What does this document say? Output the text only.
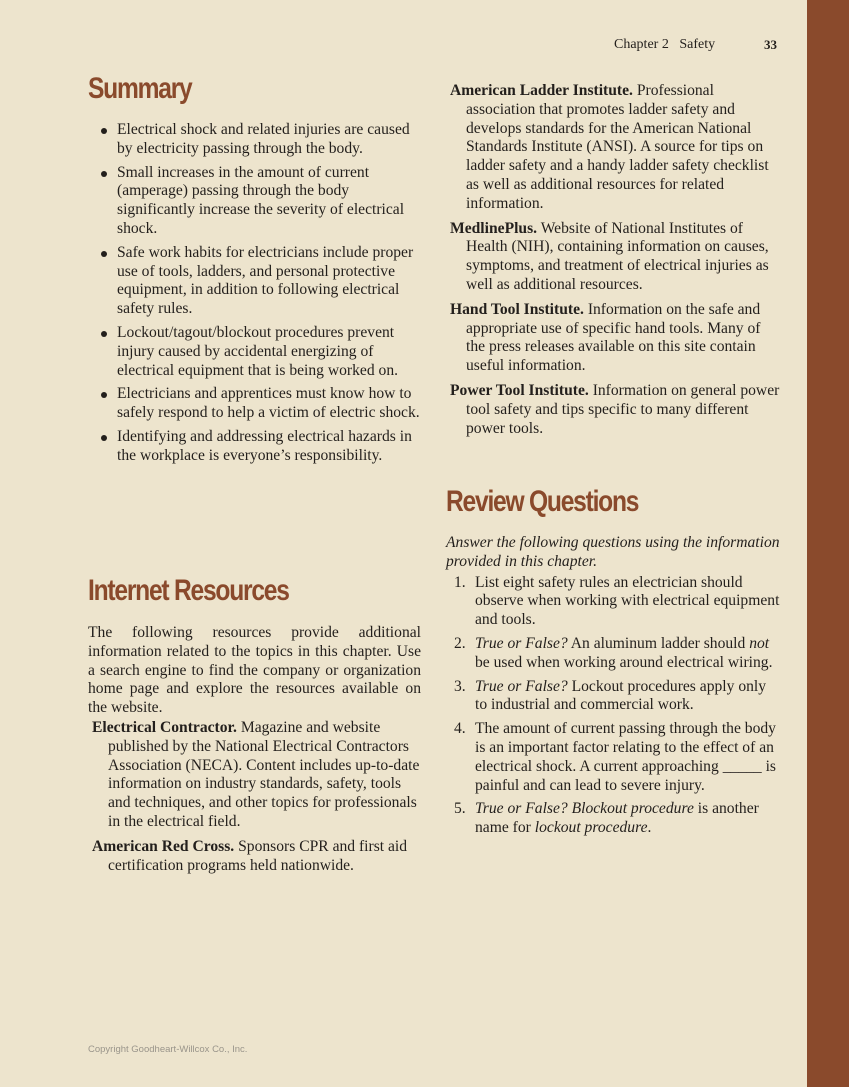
Chapter 2 Safety	33
Summary
Electrical shock and related injuries are caused by electricity passing through the body.
Small increases in the amount of current (amperage) passing through the body significantly increase the severity of electrical shock.
Safe work habits for electricians include proper use of tools, ladders, and personal protective equipment, in addition to following electrical safety rules.
Lockout/tagout/blockout procedures prevent injury caused by accidental energizing of electrical equipment that is being worked on.
Electricians and apprentices must know how to safely respond to help a victim of electric shock.
Identifying and addressing electrical hazards in the workplace is everyone’s responsibility.
Internet Resources

The following resources provide additional information related to the topics in this chapter. Use a search engine to find the company or organization home page and explore the resources available on the website.

Electrical Contractor. Magazine and website published by the National Electrical Contractors Association (NECA). Content includes up-to-date information on industry standards, safety, tools and techniques, and other topics for professionals in the electrical field.

American Red Cross. Sponsors CPR and first aid certification programs held nationwide.

American Ladder Institute. Professional association that promotes ladder safety and develops standards for the American National Standards Institute (ANSI). A source for tips on ladder safety and a handy ladder safety checklist as well as additional resources for related information.

MedlinePlus. Website of National Institutes of Health (NIH), containing information on causes, symptoms, and treatment of electrical injuries as well as additional resources.

Hand Tool Institute. Information on the safe and appropriate use of specific hand tools. Many of the press releases available on this site contain useful information.

Power Tool Institute. Information on general power tool safety and tips specific to many different power tools.

Review Questions

Answer the following questions using the information provided in this chapter.

1. List eight safety rules an electrician should observe when working with electrical equipment and tools.
2. True or False? An aluminum ladder should not be used when working around electrical wiring.
3. True or False? Lockout procedures apply only to industrial and commercial work.
4. The amount of current passing through the body is an important factor relating to the effect of an electrical shock. A current approaching _____ is painful and can lead to severe injury.
5. True or False? Blockout procedure is another name for lockout procedure.
Copyright Goodheart-Willcox Co., Inc.
